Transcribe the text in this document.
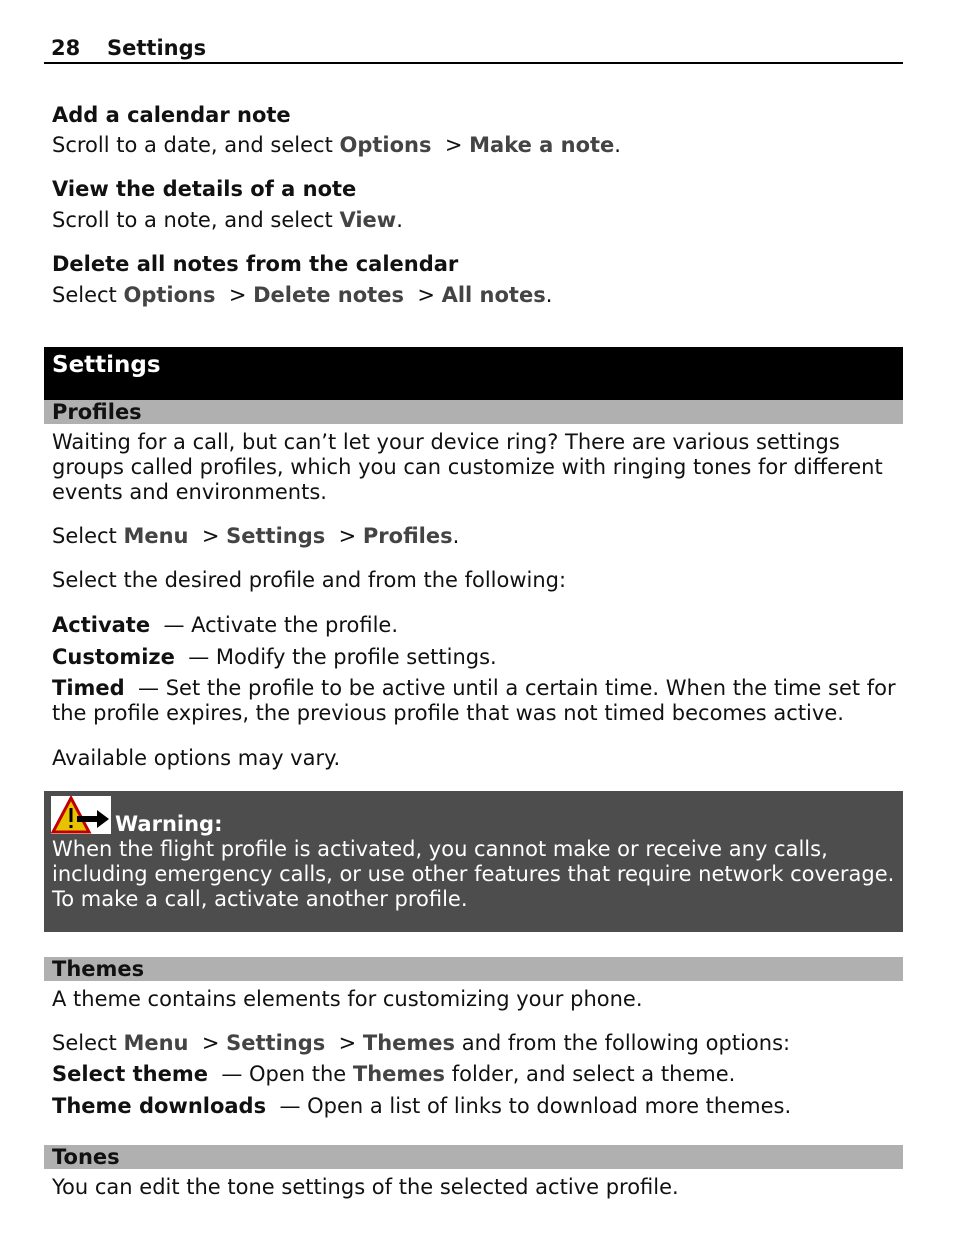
28 Settings
Add a calendar note
Scroll to a date, and select Options  > Make a note.
View the details of a note
Scroll to a note, and select View.
Delete all notes from the calendar
Select Options  > Delete notes  > All notes.
Settings
Profiles
Waiting for a call, but can’t let your device ring? There are various settings groups called profiles, which you can customize with ringing tones for different events and environments.
Select Menu  > Settings  > Profiles.
Select the desired profile and from the following:
Activate  — Activate the profile.
Customize  — Modify the profile settings.
Timed  — Set the profile to be active until a certain time. When the time set for the profile expires, the previous profile that was not timed becomes active.
Available options may vary.
Warning:
When the flight profile is activated, you cannot make or receive any calls, including emergency calls, or use other features that require network coverage. To make a call, activate another profile.
Themes
A theme contains elements for customizing your phone.
Select Menu  > Settings  > Themes and from the following options:
Select theme  — Open the Themes folder, and select a theme.
Theme downloads  — Open a list of links to download more themes.
Tones
You can edit the tone settings of the selected active profile.
